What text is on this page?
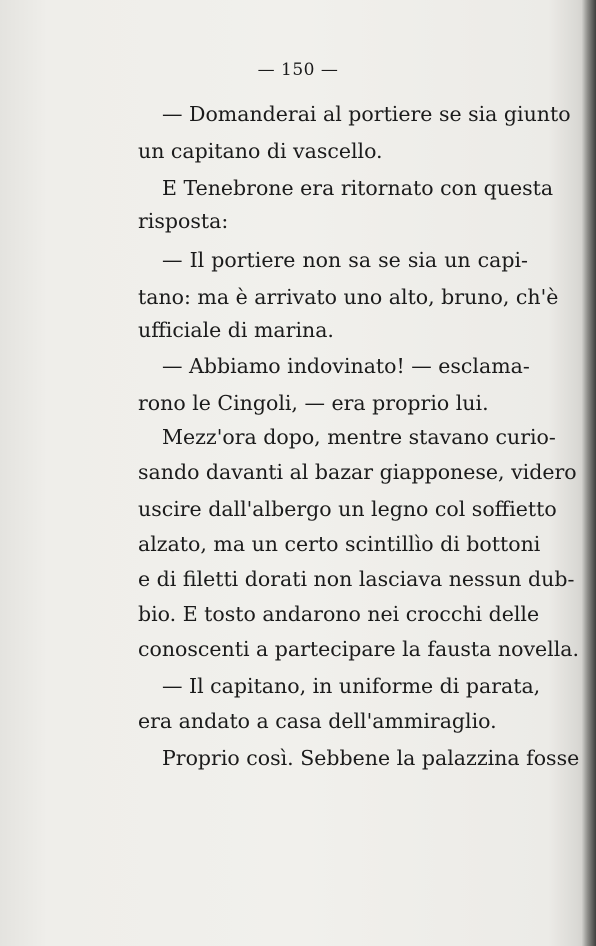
— 150 —
— Domanderai al portiere se sia giunto
un capitano di vascello.
E Tenebrone era ritornato con questa
risposta:
— Il portiere non sa se sia un capi-
tano: ma è arrivato uno alto, bruno, ch'è
ufficiale di marina.
— Abbiamo indovinato! — esclama-
rono le Cingoli, — era proprio lui.
Mezz'ora dopo, mentre stavano curio-
sando davanti al bazar giapponese, videro
uscire dall'albergo un legno col soffietto
alzato, ma un certo scintillìo di bottoni
e di filetti dorati non lasciava nessun dub-
bio. E tosto andarono nei crocchi delle
conoscenti a partecipare la fausta novella.
— Il capitano, in uniforme di parata,
era andato a casa dell'ammiraglio.
Proprio così. Sebbene la palazzina fosse
